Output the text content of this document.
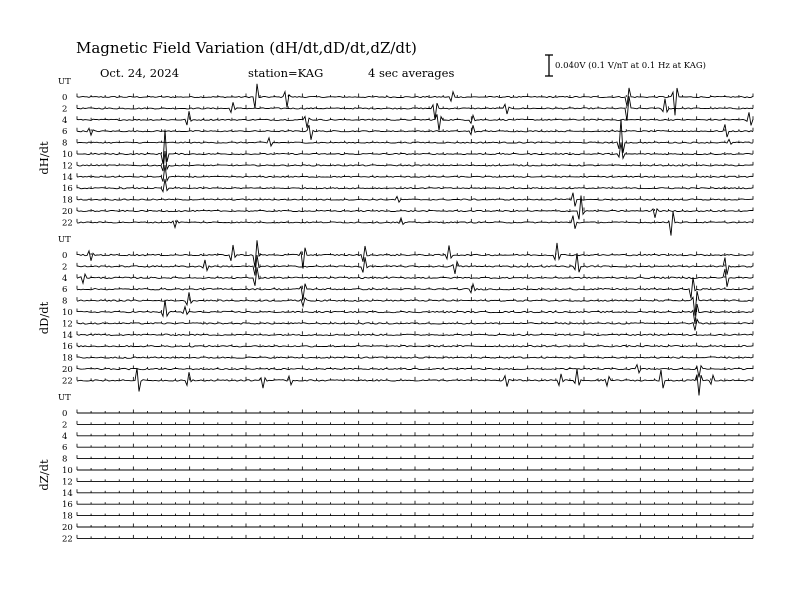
Magnetic Field Variation (dH/dt,dD/dt,dZ/dt)
Oct. 24, 2024	station=KAG	4 sec averages	0.040V (0.1 V/nT at 0.1 Hz at KAG)
UT
UT
UT
dH/dt
dD/dt
dZ/dt
0
2
4
6
8
10
12
14
16
18
20
22
0
2
4
6
8
10
12
14
16
18
20
22
0
2
4
6
8
10
12
14
16
18
20
22
